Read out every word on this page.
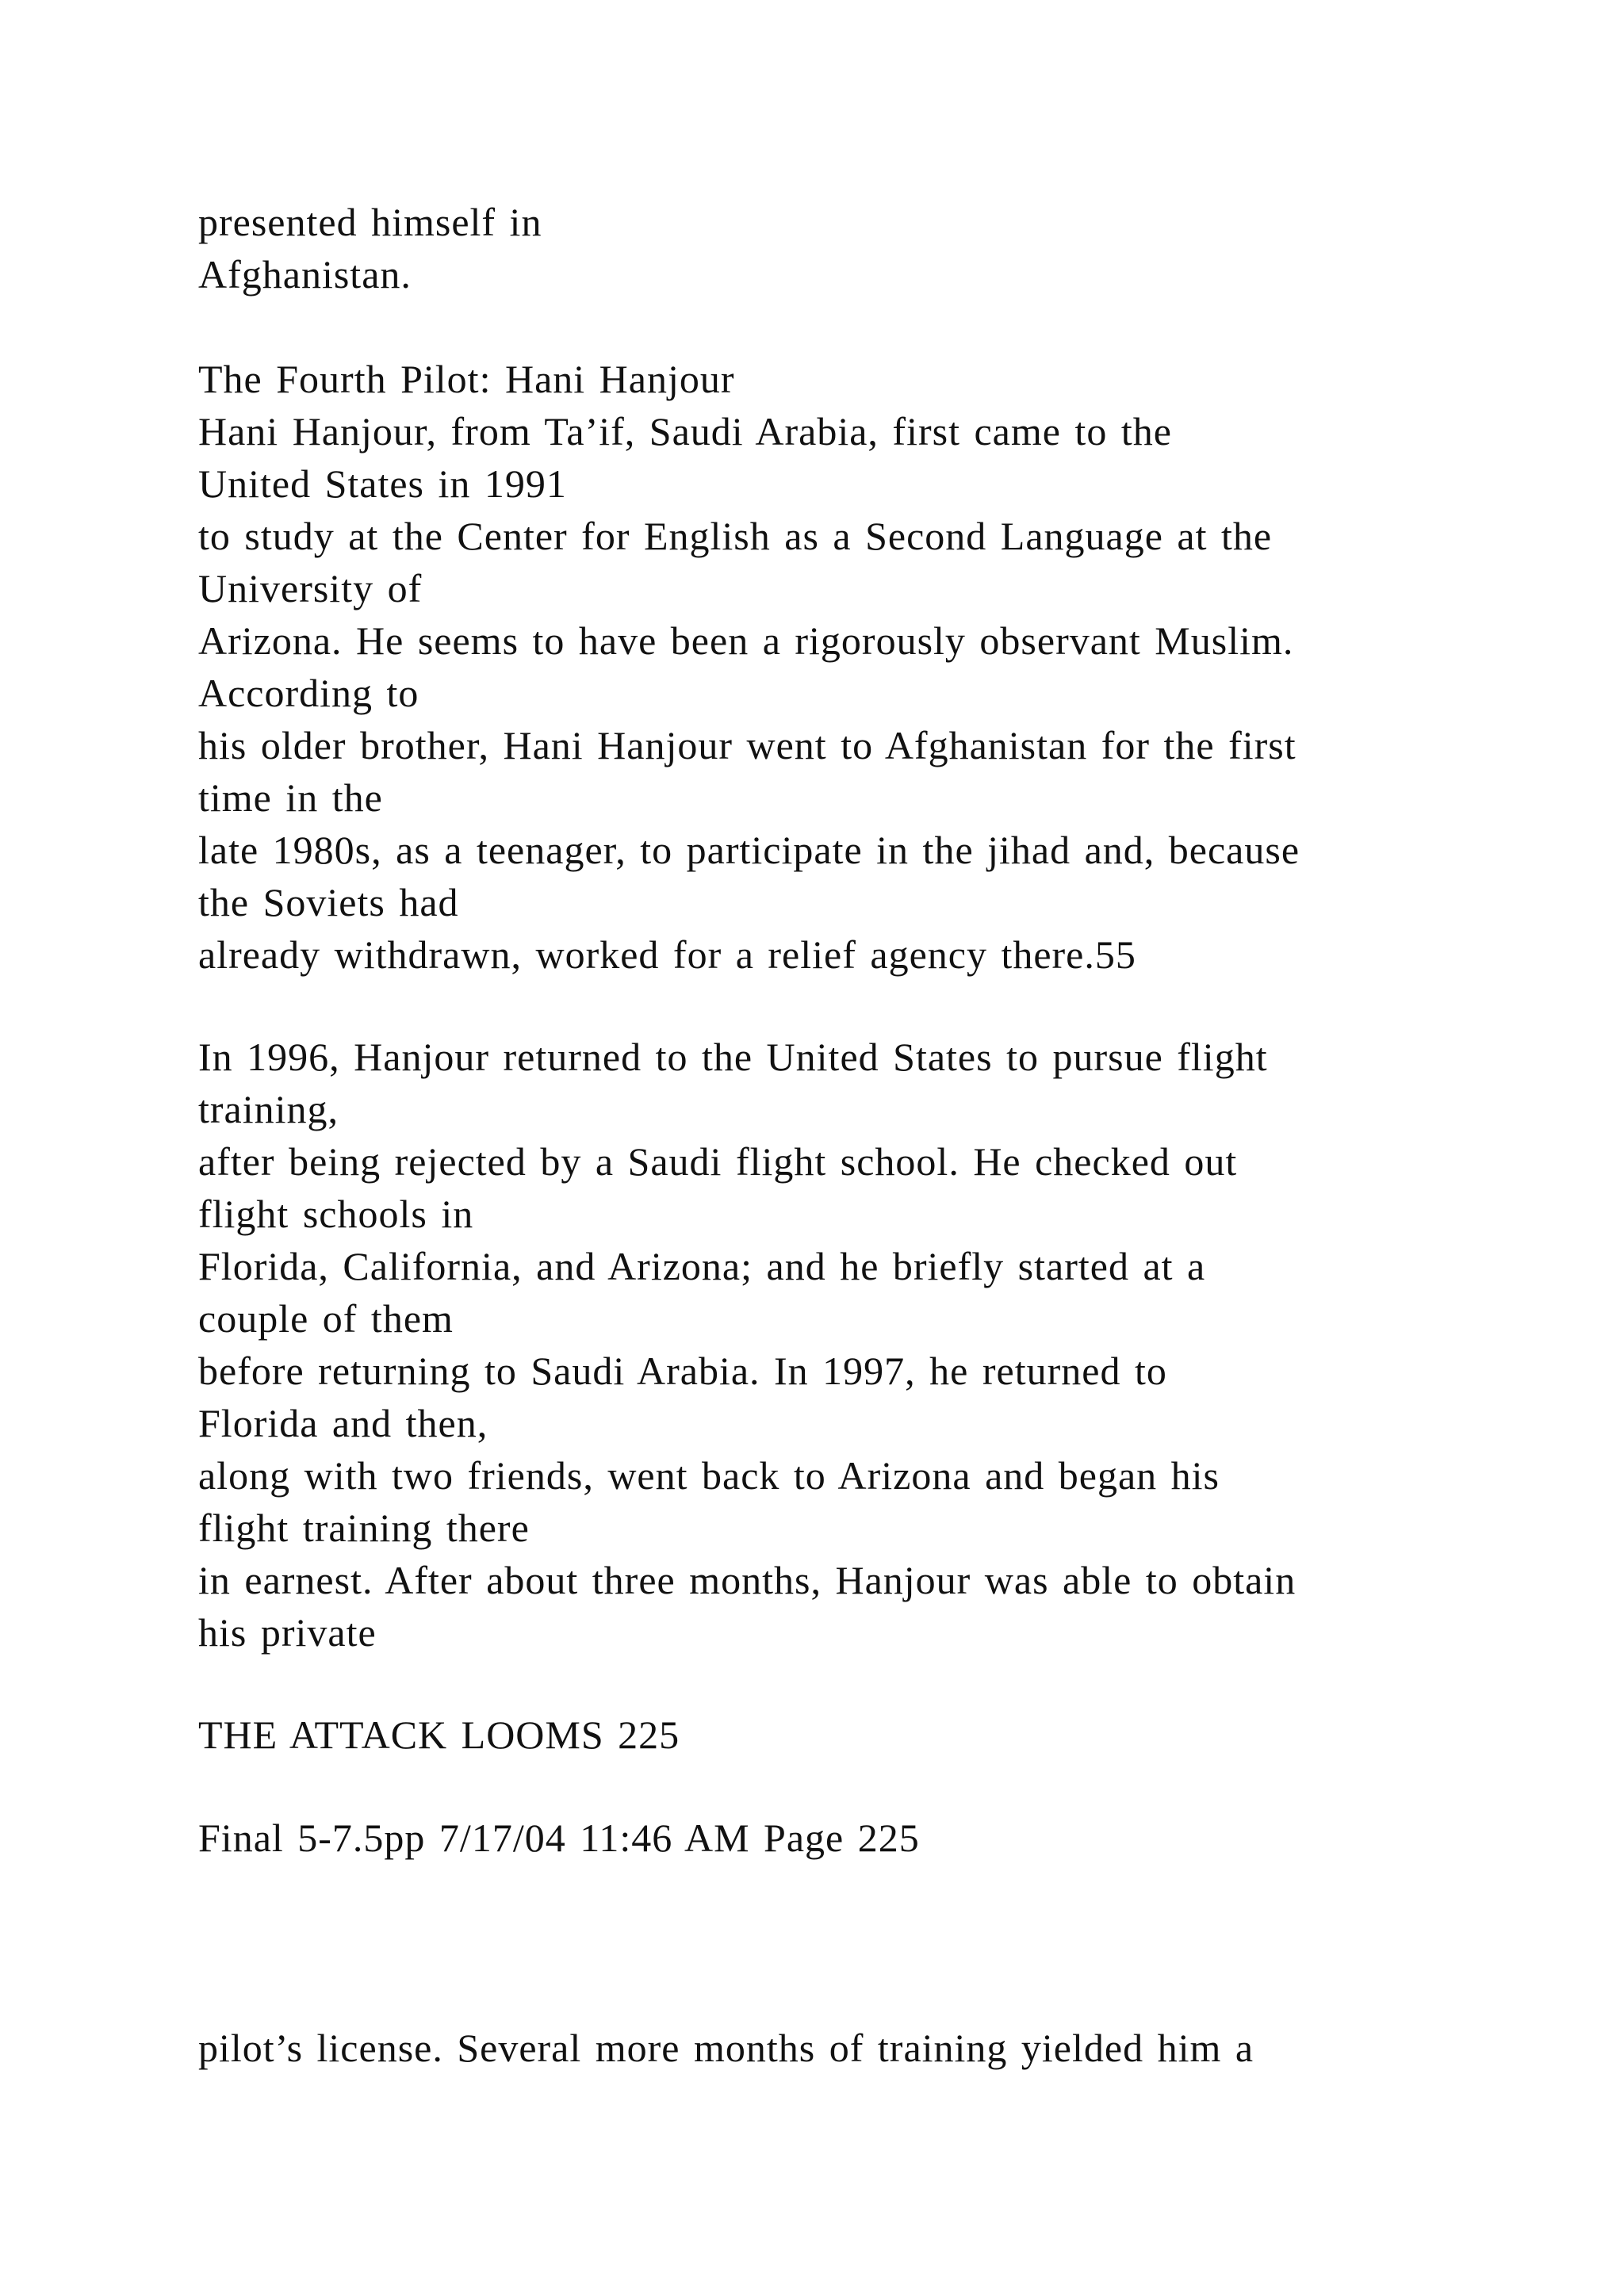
presented himself in
Afghanistan.
The Fourth Pilot: Hani Hanjour
Hani Hanjour, from Ta’if, Saudi Arabia, first came to the
United States in 1991
to study at the Center for English as a Second Language at the
University of
Arizona. He seems to have been a rigorously observant Muslim.
According to
his older brother, Hani Hanjour went to Afghanistan for the first
time in the
late 1980s, as a teenager, to participate in the jihad and, because
the Soviets had
already withdrawn, worked for a relief agency there.55
In 1996, Hanjour returned to the United States to pursue flight
training,
after being rejected by a Saudi flight school. He checked out
flight schools in
Florida, California, and Arizona; and he briefly started at a
couple of them
before returning to Saudi Arabia. In 1997, he returned to
Florida and then,
along with two friends, went back to Arizona and began his
flight training there
in earnest. After about three months, Hanjour was able to obtain
his private
THE ATTACK LOOMS 225
Final 5-7.5pp 7/17/04 11:46 AM Page 225
pilot’s license. Several more months of training yielded him a
